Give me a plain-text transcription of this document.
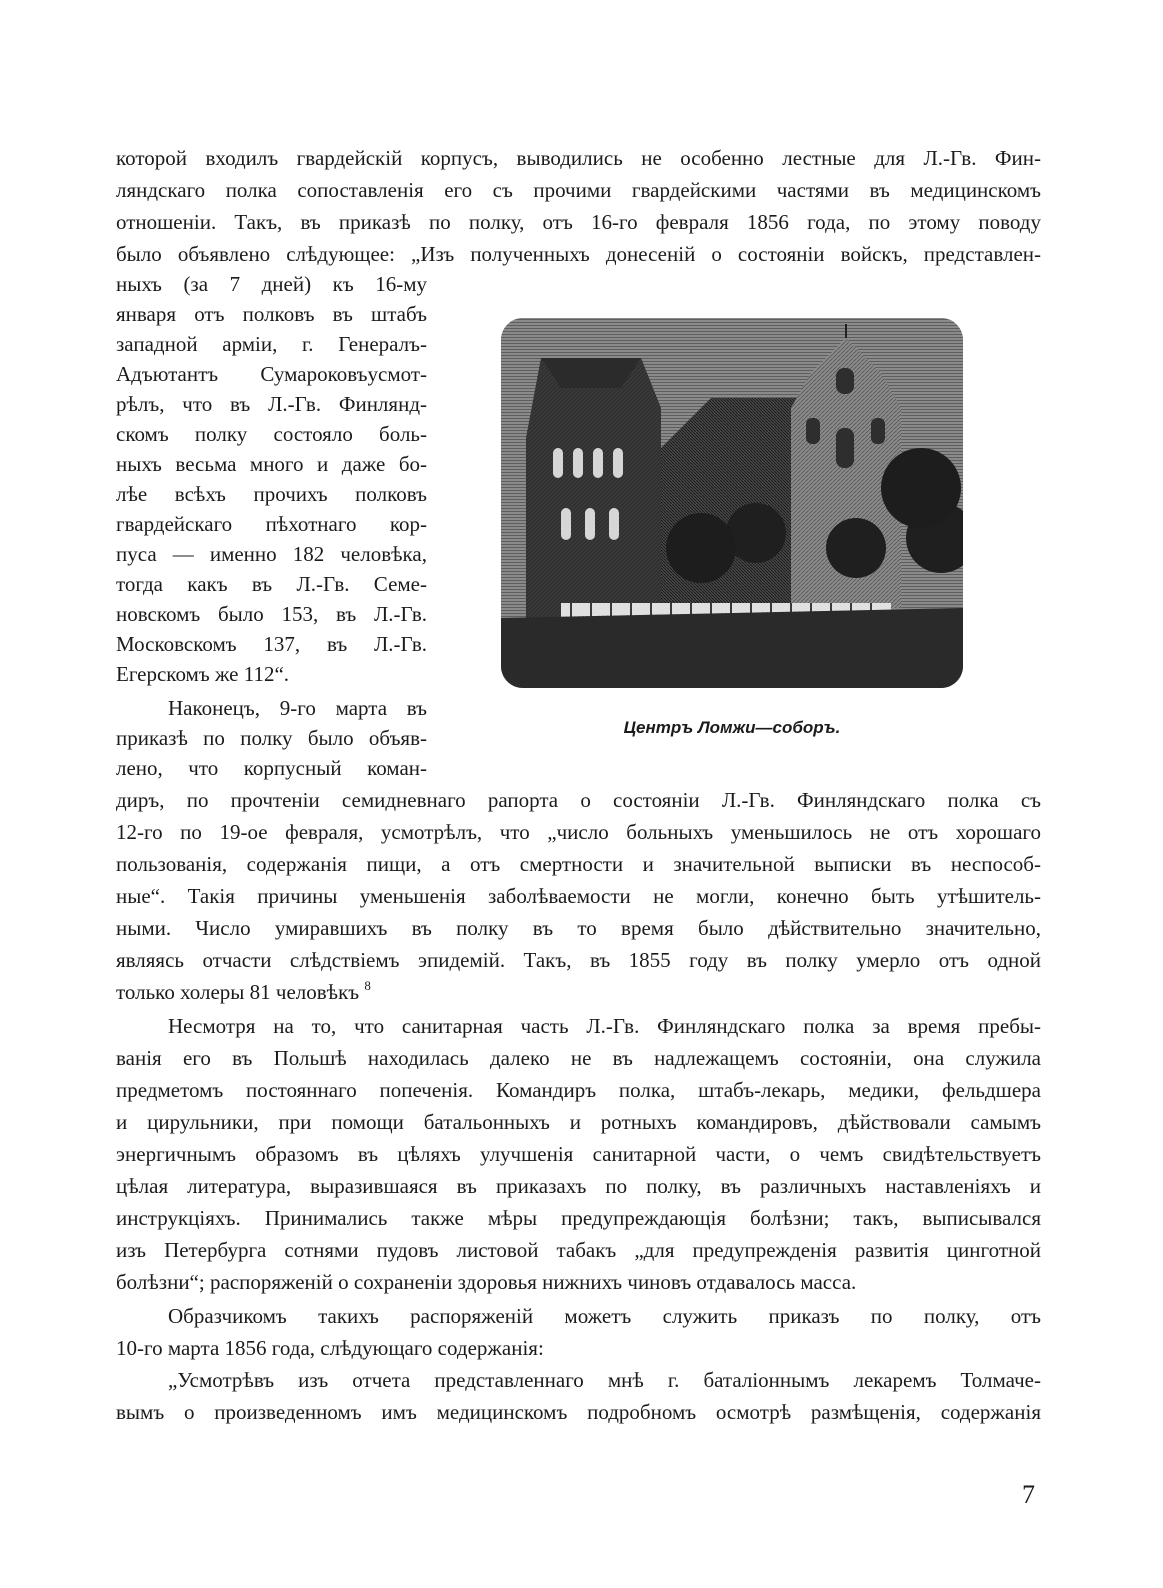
которой входилъ гвардейскій корпусъ, выводились не особенно лестные для Л.-Гв. Фин-
ляндскаго полка сопоставленія его съ прочими гвардейскими частями въ медицинскомъ
отношеніи. Такъ, въ приказѣ по полку, отъ 16-го февраля 1856 года, по этому поводу
было объявлено слѣдующее: „Изъ полученныхъ донесеній о состояніи войскъ, представлен-
ныхъ (за 7 дней) къ 16-му
января отъ полковъ въ штабъ
западной арміи, г. Генералъ-
Адъютантъ Сумароковъусмот-
рѣлъ, что въ Л.-Гв. Финлянд-
скомъ полку состояло боль-
ныхъ весьма много и даже бо-
лѣе всѣхъ прочихъ полковъ
гвардейскаго пѣхотнаго кор-
пуса — именно 182 человѣка,
тогда какъ въ Л.-Гв. Семе-
новскомъ было 153, въ Л.-Гв.
Московскомъ 137, въ Л.-Гв.
Егерскомъ же 112“.
Наконецъ, 9-го марта въ
приказѣ по полку было объяв-
лено, что корпусный коман-
диръ, по прочтеніи семидневнаго рапорта о состояніи Л.-Гв. Финляндскаго полка съ
12-го по 19-ое февраля, усмотрѣлъ, что „число больныхъ уменьшилось не отъ хорошаго
пользованія, содержанія пищи, а отъ смертности и значительной выписки въ неспособ-
ные“. Такія причины уменьшенія заболѣваемости не могли, конечно быть утѣшитель-
ными. Число умиравшихъ въ полку въ то время было дѣйствительно значительно,
являясь отчасти слѣдствіемъ эпидемій. Такъ, въ 1855 году въ полку умерло отъ одной
только холеры 81 человѣкъ $^8$
Несмотря на то, что санитарная часть Л.-Гв. Финляндскаго полка за время пребы-
ванія его въ Польшѣ находилась далеко не въ надлежащемъ состояніи, она служила
предметомъ постояннаго попеченія. Командиръ полка, штабъ-лекарь, медики, фельдшера
и цирульники, при помощи батальонныхъ и ротныхъ командировъ, дѣйствовали самымъ
энергичнымъ образомъ въ цѣляхъ улучшенія санитарной части, о чемъ свидѣтельствуетъ
цѣлая литература, выразившаяся въ приказахъ по полку, въ различныхъ наставленіяхъ и
инструкціяхъ. Принимались также мѣры предупреждающія болѣзни; такъ, выписывался
изъ Петербурга сотнями пудовъ листовой табакъ „для предупрежденія развитія цинготной
болѣзни“; распоряженій о сохраненіи здоровья нижнихъ чиновъ отдавалось масса.
Образчикомъ такихъ распоряженій можетъ служить приказъ по полку, отъ
10-го марта 1856 года, слѣдующаго содержанія:
„Усмотрѣвъ изъ отчета представленнаго мнѣ г. баталіоннымъ лекаремъ Толмаче-
вымъ о произведенномъ имъ медицинскомъ подробномъ осмотрѣ размѣщенія, содержанія
Центръ Ломжи—соборъ.
7
